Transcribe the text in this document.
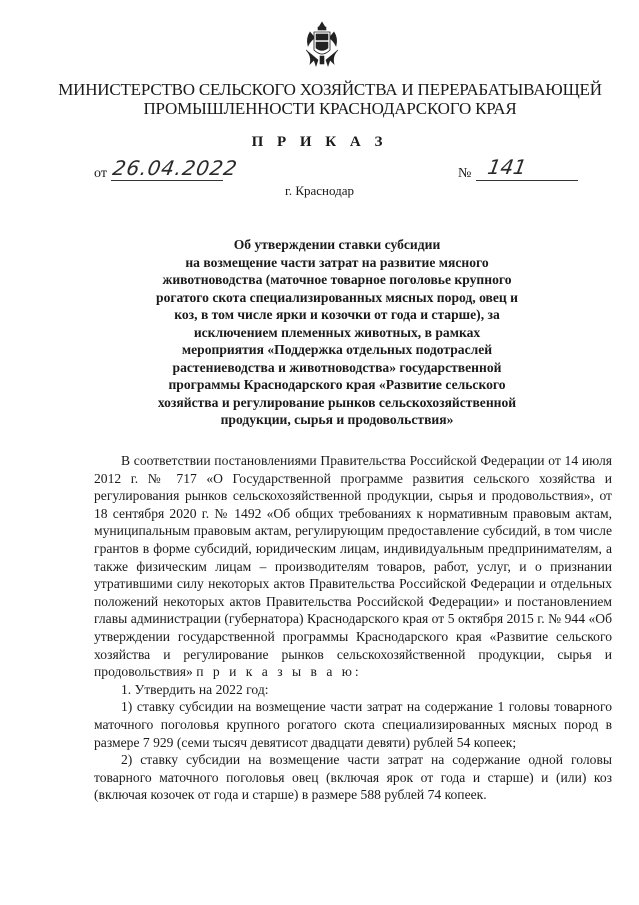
МИНИСТЕРСТВО СЕЛЬСКОГО ХОЗЯЙСТВА И ПЕРЕРАБАТЫВАЮЩЕЙ
ПРОМЫШЛЕННОСТИ КРАСНОДАРСКОГО КРАЯ
П Р И К А З
от 26.04.2022	№ 141
г. Краснодар
Об утверждении ставки субсидии
на возмещение части затрат на развитие мясного
животноводства (маточное товарное поголовье крупного
рогатого скота специализированных мясных пород, овец и
коз, в том числе ярки и козочки от года и старше), за
исключением племенных животных, в рамках
мероприятия «Поддержка отдельных подотраслей
растениеводства и животноводства» государственной
программы Краснодарского края «Развитие сельского
хозяйства и регулирование рынков сельскохозяйственной
продукции, сырья и продовольствия»

В соответствии постановлениями Правительства Российской Федерации от 14 июля 2012 г. № 717 «О Государственной программе развития сельского хозяйства и регулирования рынков сельскохозяйственной продукции, сырья и продовольствия», от 18 сентября 2020 г. № 1492 «Об общих требованиях к нормативным правовым актам, муниципальным правовым актам, регулирующим предоставление субсидий, в том числе грантов в форме субсидий, юридическим лицам, индивидуальным предпринимателям, а также физическим лицам – производителям товаров, работ, услуг, и о признании утратившими силу некоторых актов Правительства Российской Федерации и отдельных положений некоторых актов Правительства Российской Федерации» и постановлением главы администрации (губернатора) Краснодарского края от 5 октября 2015 г. № 944 «Об утверждении государственной программы Краснодарского края «Развитие сельского хозяйства и регулирование рынков сельскохозяйственной продукции, сырья и продовольствия» п р и к а з ы в а ю:

1. Утвердить на 2022 год:

1) ставку субсидии на возмещение части затрат на содержание 1 головы товарного маточного поголовья крупного рогатого скота специализированных мясных пород в размере 7 929 (семи тысяч девятисот двадцати девяти) рублей 54 копеек;

2) ставку субсидии на возмещение части затрат на содержание одной головы товарного маточного поголовья овец (включая ярок от года и старше) и (или) коз (включая козочек от года и старше) в размере 588 рублей 74 копеек.
